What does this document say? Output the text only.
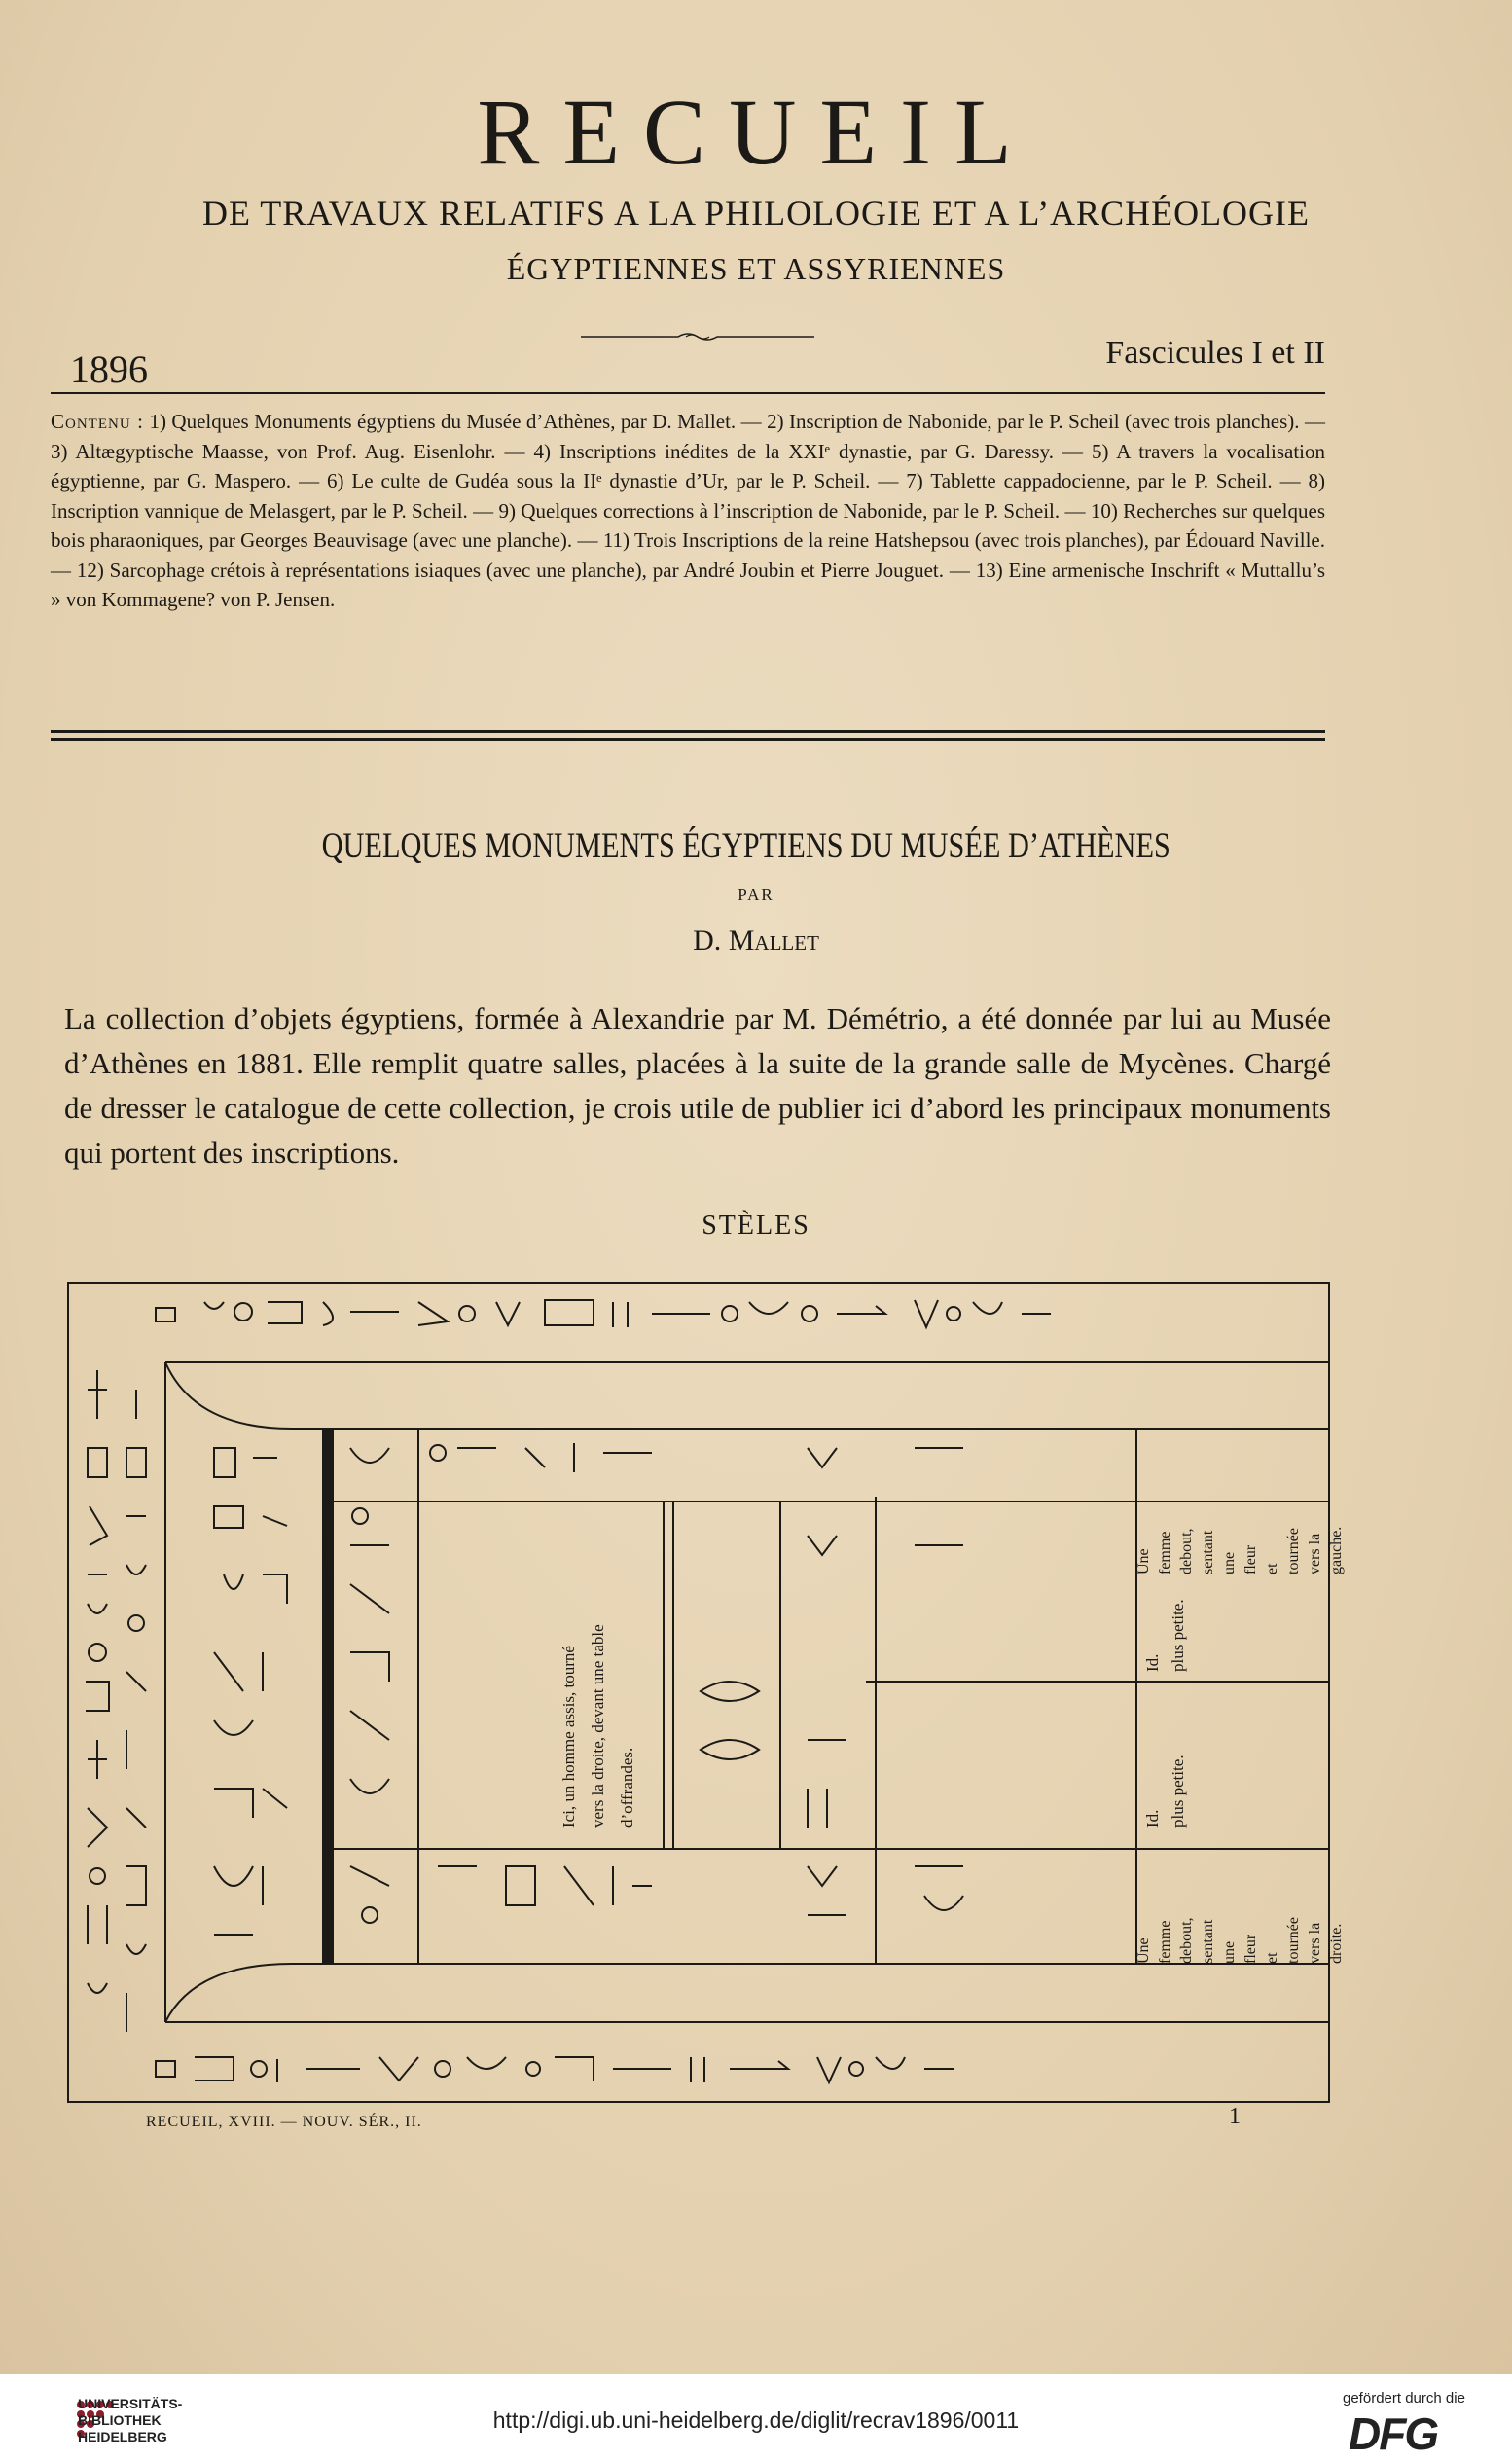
RECUEIL
DE TRAVAUX RELATIFS A LA PHILOLOGIE ET A L’ARCHÉOLOGIE
ÉGYPTIENNES ET ASSYRIENNES
1896	Fascicules I et II
Contenu : 1) Quelques Monuments égyptiens du Musée d’Athènes, par D. Mallet. — 2) Inscription de Nabonide, par le P. Scheil (avec trois planches). — 3) Altægyptische Maasse, von Prof. Aug. Eisenlohr. — 4) Inscriptions inédites de la XXIᵉ dynastie, par G. Daressy. — 5) A travers la vocalisation égyptienne, par G. Maspero. — 6) Le culte de Gudéa sous la IIᵉ dynastie d’Ur, par le P. Scheil. — 7) Tablette cappadocienne, par le P. Scheil. — 8) Inscription vannique de Melasgert, par le P. Scheil. — 9) Quelques corrections à l’inscription de Nabonide, par le P. Scheil. — 10) Recherches sur quelques bois pharaoniques, par Georges Beauvisage (avec une planche). — 11) Trois Inscriptions de la reine Hatshepsou (avec trois planches), par Édouard Naville. — 12) Sarcophage crétois à représentations isiaques (avec une planche), par André Joubin et Pierre Jouguet. — 13) Eine armenische Inschrift « Muttallu’s » von Kommagene? von P. Jensen.
QUELQUES MONUMENTS ÉGYPTIENS DU MUSÉE D’ATHÈNES
PAR
D. Mallet
La collection d’objets égyptiens, formée à Alexandrie par M. Démétrio, a été donnée par lui au Musée d’Athènes en 1881. Elle remplit quatre salles, placées à la suite de la grande salle de Mycènes. Chargé de dresser le catalogue de cette collection, je crois utile de publier ici d’abord les principaux monuments qui portent des inscriptions.
STÈLES
Ici, un homme assis, tourné vers la droite, devant une table d’offrandes.
Une femme debout, sentant une fleur et tournée vers la gauche.
Id. plus petite.
Id. plus petite.
Une femme debout, sentant une fleur et tournée vers la droite.
RECUEIL, XVIII. — NOUV. SÉR., II.	1
UNIVERSITÄTS-
BIBLIOTHEK
HEIDELBERG
http://digi.ub.uni-heidelberg.de/diglit/recrav1896/0011
gefördert durch die
DFG
